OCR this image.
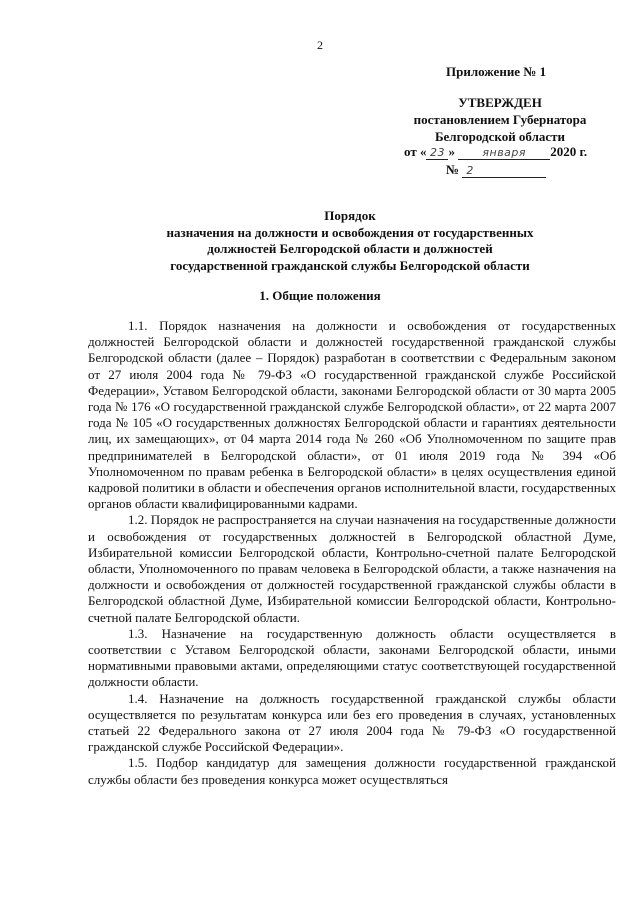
2
Приложение № 1
УТВЕРЖДЕН
постановлением Губернатора
Белгородской области
от « 23 » января 2020 г.
№ 2
Порядок
назначения на должности и освобождения от государственных
должностей Белгородской области и должностей
государственной гражданской службы Белгородской области
1. Общие положения

1.1. Порядок назначения на должности и освобождения от государственных должностей Белгородской области и должностей государственной гражданской службы Белгородской области (далее – Порядок) разработан в соответствии с Федеральным законом от 27 июля 2004 года № 79-ФЗ «О государственной гражданской службе Российской Федерации», Уставом Белгородской области, законами Белгородской области от 30 марта 2005 года № 176 «О государственной гражданской службе Белгородской области», от 22 марта 2007 года № 105 «О государственных должностях Белгородской области и гарантиях деятельности лиц, их замещающих», от 04 марта 2014 года № 260 «Об Уполномоченном по защите прав предпринимателей в Белгородской области», от 01 июля 2019 года № 394 «Об Уполномоченном по правам ребенка в Белгородской области» в целях осуществления единой кадровой политики в области и обеспечения органов исполнительной власти, государственных органов области квалифицированными кадрами.

1.2. Порядок не распространяется на случаи назначения на государственные должности и освобождения от государственных должностей в Белгородской областной Думе, Избирательной комиссии Белгородской области, Контрольно-счетной палате Белгородской области, Уполномоченного по правам человека в Белгородской области, а также назначения на должности и освобождения от должностей государственной гражданской службы области в Белгородской областной Думе, Избирательной комиссии Белгородской области, Контрольно-счетной палате Белгородской области.

1.3. Назначение на государственную должность области осуществляется в соответствии с Уставом Белгородской области, законами Белгородской области, иными нормативными правовыми актами, определяющими статус соответствующей государственной должности области.

1.4. Назначение на должность государственной гражданской службы области осуществляется по результатам конкурса или без его проведения в случаях, установленных статьей 22 Федерального закона от 27 июля 2004 года № 79-ФЗ «О государственной гражданской службе Российской Федерации».

1.5. Подбор кандидатур для замещения должности государственной гражданской службы области без проведения конкурса может осуществляться
